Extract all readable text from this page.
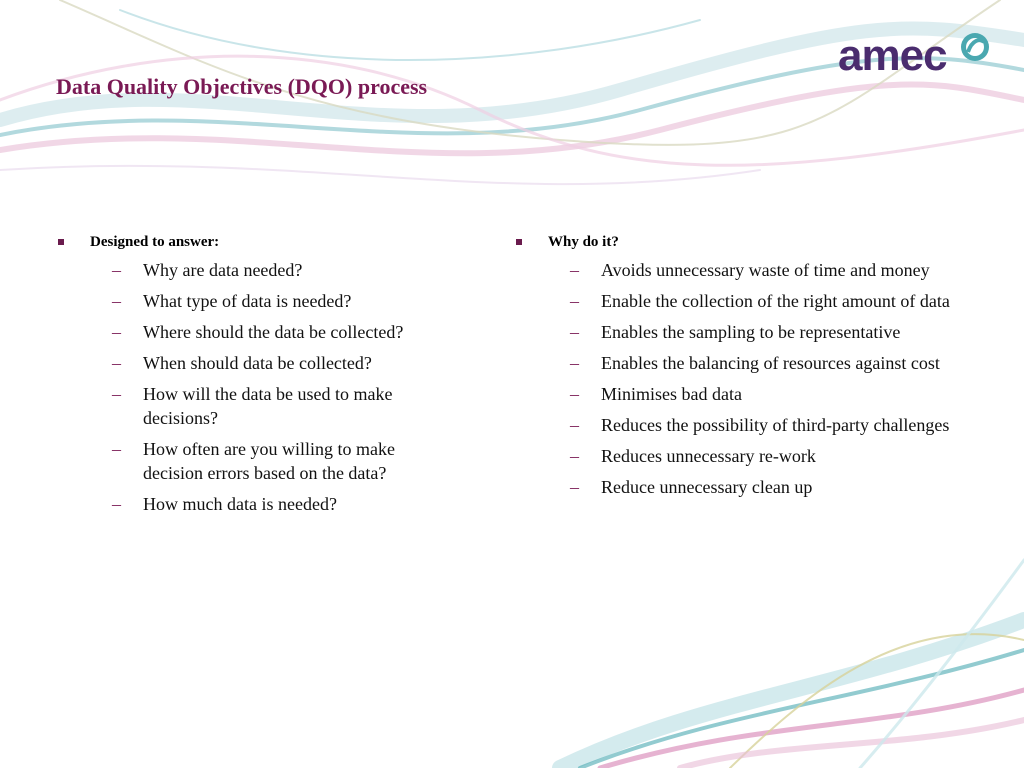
Data Quality Objectives (DQO) process
amec
Designed to answer:
– Why are data needed?
– What type of data is needed?
– Where should the data be collected?
– When should data be collected?
– How will the data be used to make decisions?
– How often are you willing to make decision errors based on the data?
– How much data is needed?
Why do it?
– Avoids unnecessary waste of time and money
– Enable the collection of the right amount of data
– Enables the sampling to be representative
– Enables the balancing of resources against cost
– Minimises bad data
– Reduces the possibility of third-party challenges
– Reduces unnecessary re-work
– Reduce unnecessary clean up
